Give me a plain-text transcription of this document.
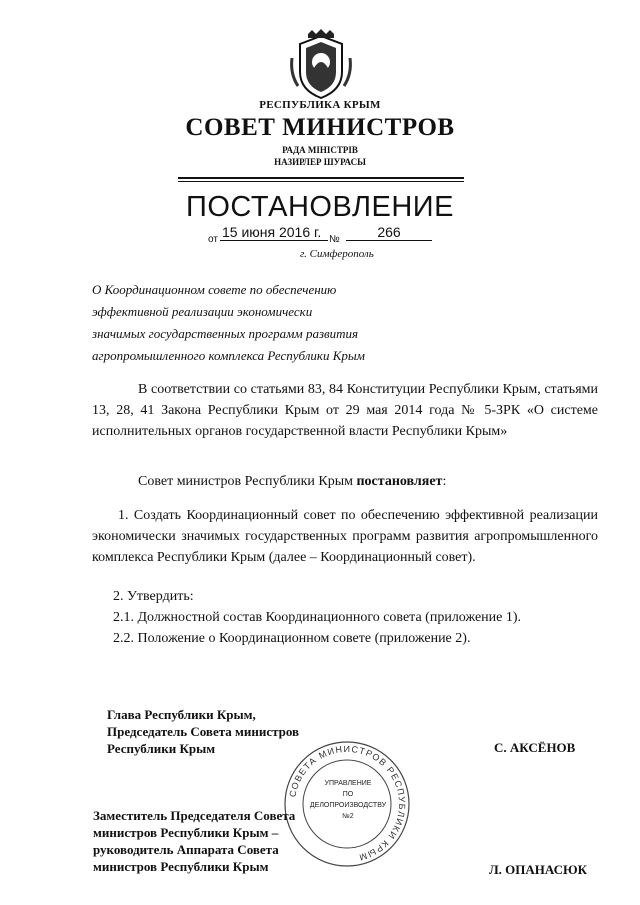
РЕСПУБЛИКА КРЫМ
СОВЕТ МИНИСТРОВ
РАДА МІНІСТРІВ
НАЗИРЛЕР ШУРАСЫ
ПОСТАНОВЛЕНИЕ
от 15 июня 2016 г. №	266
г. Симферополь
О Координационном совете по обеспечению
эффективной реализации экономически
значимых государственных программ развития
агропромышленного комплекса Республики Крым
В соответствии со статьями 83, 84 Конституции Республики Крым, статьями 13, 28, 41 Закона Республики Крым от 29 мая 2014 года № 5-ЗРК «О системе исполнительных органов государственной власти Республики Крым»
Совет министров Республики Крым постановляет:
1. Создать Координационный совет по обеспечению эффективной реализации экономически значимых государственных программ развития агропромышленного комплекса Республики Крым (далее – Координационный совет).
2. Утвердить:
2.1. Должностной состав Координационного совета (приложение 1).
2.2. Положение о Координационном совете (приложение 2).
СОВЕТА МИНИСТРОВ РЕСПУБЛИКИ КРЫМ
УПРАВЛЕНИЕ
ПО
ДЕЛОПРОИЗВОДСТВУ
№2
Глава Республики Крым,
Председатель Совета министров
Республики Крым	С. АКСЁНОВ
Заместитель Председателя Совета
министров Республики Крым –
руководитель Аппарата Совета
министров Республики Крым	Л. ОПАНАСЮК
